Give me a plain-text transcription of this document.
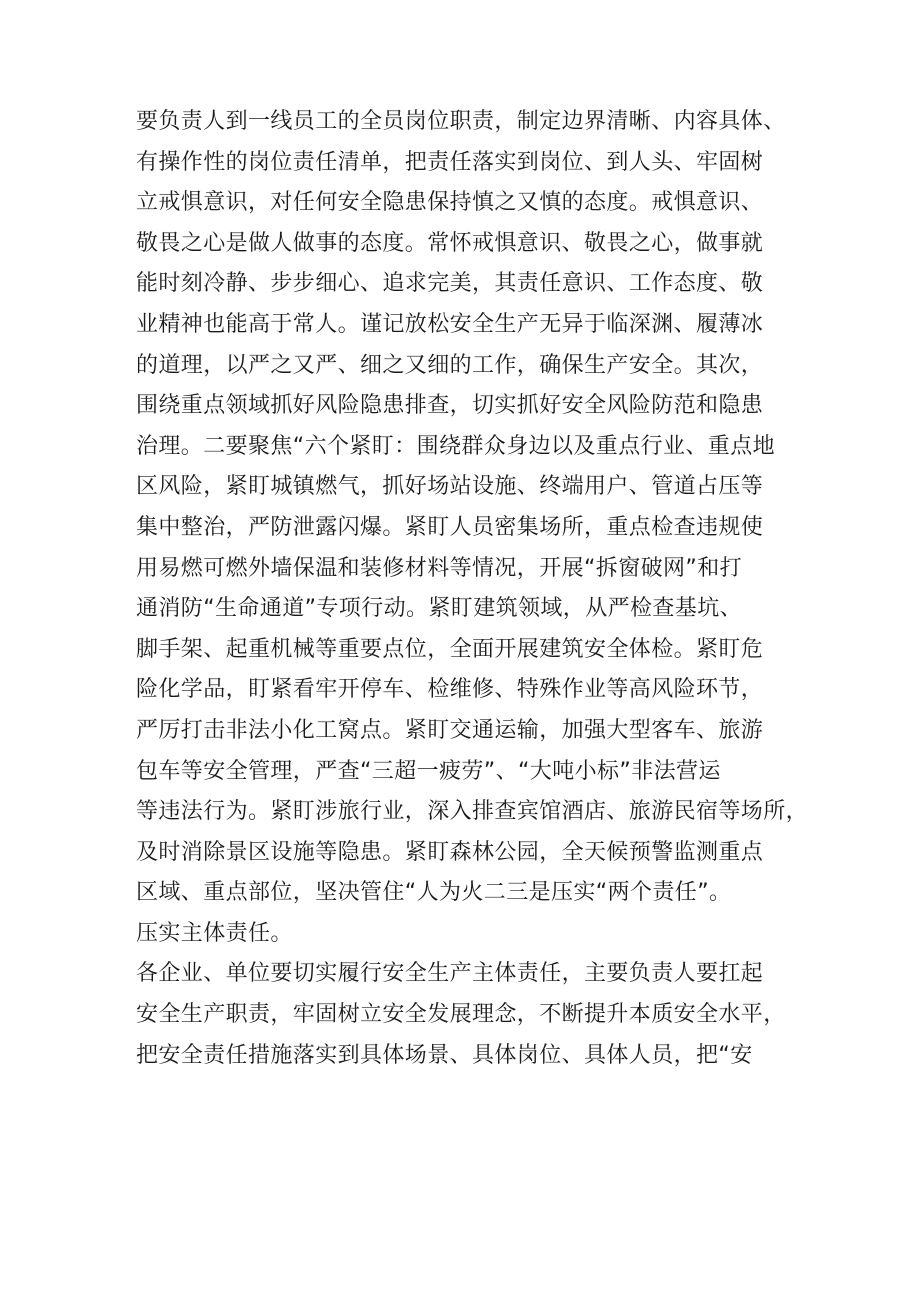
要负责人到一线员工的全员岗位职责，制定边界清晰、内容具体、
有操作性的岗位责任清单，把责任落实到岗位、到人头、牢固树
立戒惧意识，对任何安全隐患保持慎之又慎的态度。戒惧意识、
敬畏之心是做人做事的态度。常怀戒惧意识、敬畏之心，做事就
能时刻冷静、步步细心、追求完美，其责任意识、工作态度、敬
业精神也能高于常人。谨记放松安全生产无异于临深渊、履薄冰
的道理，以严之又严、细之又细的工作，确保生产安全。其次，
围绕重点领域抓好风险隐患排查，切实抓好安全风险防范和隐患
治理。二要聚焦“六个紧盯：围绕群众身边以及重点行业、重点地
区风险，紧盯城镇燃气，抓好场站设施、终端用户、管道占压等
集中整治，严防泄露闪爆。紧盯人员密集场所，重点检查违规使
用易燃可燃外墙保温和装修材料等情况，开展“拆窗破网”和打
通消防“生命通道”专项行动。紧盯建筑领域，从严检查基坑、
脚手架、起重机械等重要点位，全面开展建筑安全体检。紧盯危
险化学品，盯紧看牢开停车、检维修、特殊作业等高风险环节，
严厉打击非法小化工窝点。紧盯交通运输，加强大型客车、旅游
包车等安全管理，严查“三超一疲劳”、“大吨小标”非法营运
等违法行为。紧盯涉旅行业，深入排查宾馆酒店、旅游民宿等场所，
及时消除景区设施等隐患。紧盯森林公园，全天候预警监测重点
区域、重点部位，坚决管住“人为火二三是压实“两个责任”。
压实主体责任。
各企业、单位要切实履行安全生产主体责任，主要负责人要扛起
安全生产职责，牢固树立安全发展理念，不断提升本质安全水平，
把安全责任措施落实到具体场景、具体岗位、具体人员，把“安
